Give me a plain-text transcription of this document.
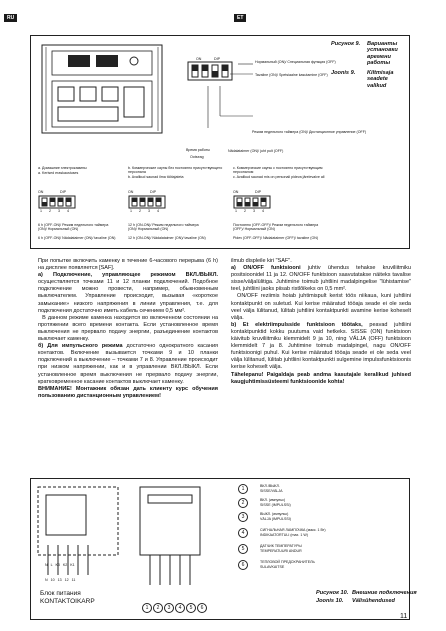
RU	ET
ON	DIP
Нормальный (ON)/ Специальная функция (OFF)
Tavaline (ON)/ Spetsiaalne kasutamine (OFF)
Режим недельного таймера (ON)/ Дистанционное управление (OFF)
Nädalataimer (ON)/ juht pult (OFF)
Время работы
Ootseag
Рисунок 9. Варианты установки времени работы
Joonis 9. Kiltmisaja seadete valikud
a. Домашние электрокамины
a. Kerised eraskaustuses
b. Коммерческие сауны без постоянно присутствующего персонала
b. Avalikud saunad ilma töötajateta
c. Коммерческие сауны с постоянно присутствующим персоналом
c. Avalikud saunad mis on personali pideva järelevalve all
ON	DIP
1 2 3 4
ON	DIP
1 2 3 4
ON	DIP
1 2 3 4
6 h (OFF-ON)/ Режим недельного таймера (ON)/ Нормальный (ON)
6 h (OFF-ON)/ Nädalataimer (ON)/ tavaline (ON)
12 h (ON-ON)/ Режим недельного таймера (ON)/ Нормальный (ON)
12 h (ON-ON)/ Nädalataimer (ON)/ tavaline (ON)
Постоянно (OFF-OFF)/ Режим недельного таймера (OFF)/ Нормальный (ON)
Pidev (OFF-OFF)/ Nädalataimer (OFF)/ tavaline (ON)
При попытке включить каменку в течение 6-часового перерыва (6 h) на дисплее появляется [SAF].
a) Подключение, управляющее режимом ВКЛ./ВЫКЛ. осуществляется точками 11 и 12 планки подключений. Подобное подключение можно провести, например, обыкновенным выключателем. Управление происходит, вызывая «короткое замыкание» низкого напряжения в линии управления, т.е. для подключения достаточно иметь кабель сечением 0,5 мм².
В данном режиме каменка находится во включенном состоянии на протяжении всего времени контакта. Если установленное время выключения не прервало подачу энергии, разъединение контактов выключает каменку.
б) Для импульсного режима достаточно однократного касания контактов. Включение вызывается точками 9 и 10 планки подключений а выключение – точками 7 и 8. Управление происходит при низком напряжении, как и в управлении ВКЛ./ВЫКЛ. Если установленное время выключения не прервало подачу энергии, кратковременное касание контактов выключает каменку.
ВНИМАНИЕ! Монтажник обязан дать клиенту курс обучения пользованию дистанционным управлением!
ilmub displeile kiri "SAF".
a) ON/OFF funktsiooni juhtiv ühendus tehakse kruviliitmiku positsioonidel 11 ja 12. ON/OFF funktsioon saavutatakse näiteks tavalise sisse/väljalülitiga. Juhtimine toimub juhtliini madalpingelise "lühistamise" teel, juhtliini jaoks piisab ristlõikeks on 0,5 mm².
ON/OFF reziimis hoiab juhtimispult kerist töös niikaua, kuni juhtliini kontaktpunkt on suletud. Kui kerise määratud tööaja seade ei ole seda veel välja lülitanud, lülitab juhtliini kontaktpunkti avamine kerise koheselt välja.
b) Et elektriimpulsside funktsioon töötaks, peavad juhtliini kontaktpunktid kokku puutuma vaid hetkeks. SISSE (ON) funktsioon käivitub kruviliitmiku klemmidelt 9 ja 10, ning VÄLJA (OFF) funktsioon klemmidelt 7 ja 8. Juhtimine toimub madalpingel, nagu ON/OFF funktsioonigi puhul. Kui kerise määratud tööaja seade ei ole seda veel välja lülitanud, lülitab juhtliini kontaktpunkti sulgemine impulssfunktsioonis kerise koheselt välja.
Tähelepanu! Paigaldaja peab andma kasutajale keralikud juhised kaugjuhtimissüsteemi funktsioonide kohta!
N L K3 K2 K1
N 10 13 12 11
Блок питания
KONTAKTOIKARP
1	2	3	4	5	6
1	ВКЛ./ВЫКЛ.
SISSE/VÄLJA
2	ВКЛ. (импульс)
SISSE (IMPULSSI)
3	ВЫКЛ. (импульс)
VÄLJA (IMPULSSI)
4	СИГНАЛЬНАЯ ЛАМПОЧКА (макс. 1 Вт)
INDIKAATORTULI (max. 1 W)
5	ДАТЧИК ТЕМПЕРАТУРЫ
TEMPERATUURI ANDUR
6	ТЕПЛОВОЙ ПРЕДОХРАНИТЕЛЬ
SULAVKAITSE
Рисунок 10. Внешние подключения
Joonis 10. Välisühendused
11
